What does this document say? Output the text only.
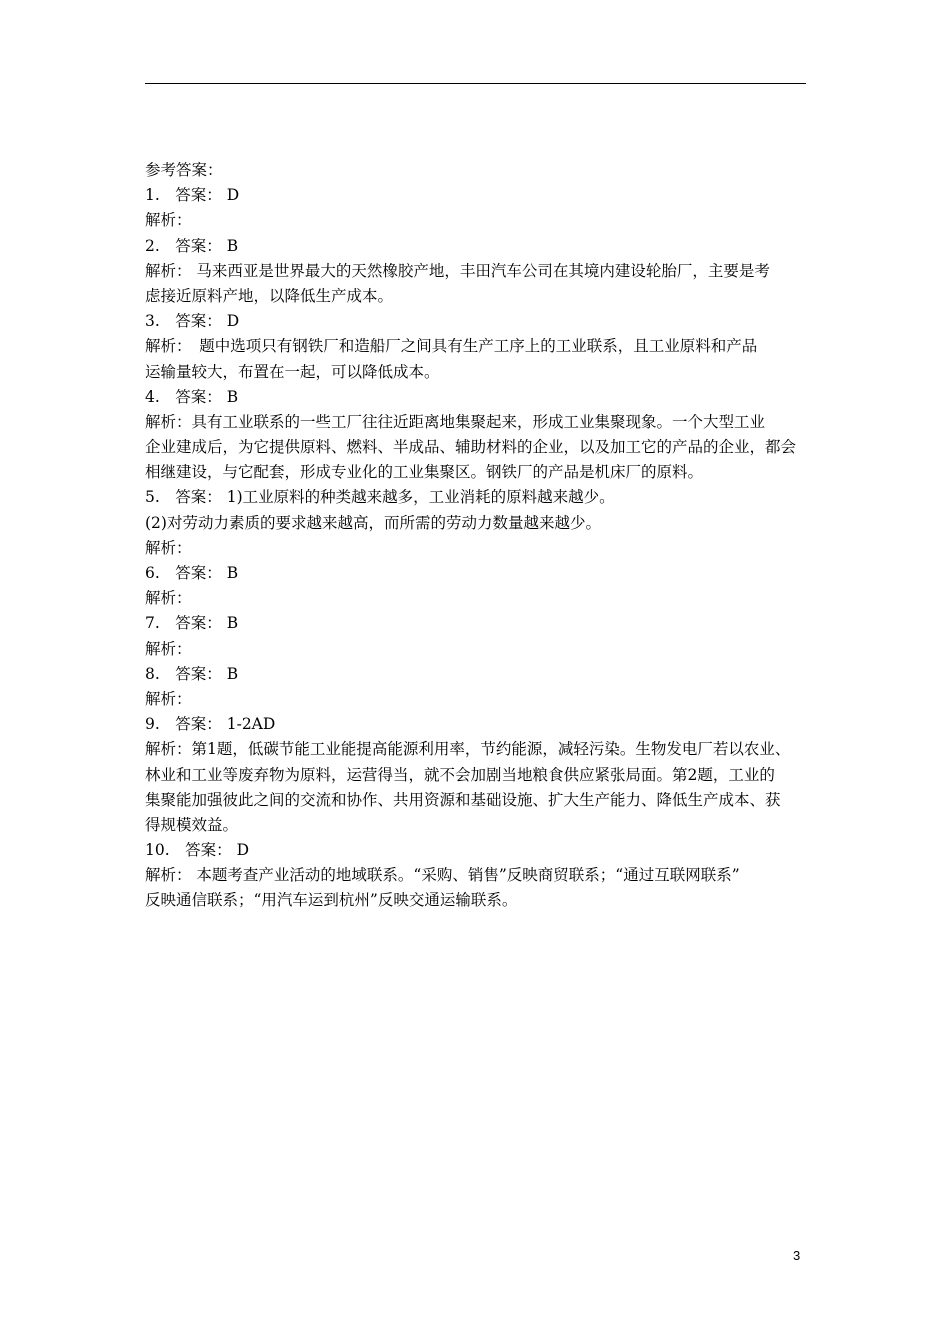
参考答案：
1.　答案： D
解析：
2.　答案： B
解析： 马来西亚是世界最大的天然橡胶产地，丰田汽车公司在其境内建设轮胎厂，主要是考
虑接近原料产地，以降低生产成本。
3.　答案： D
解析：　题中选项只有钢铁厂和造船厂之间具有生产工序上的工业联系，且工业原料和产品
运输量较大，布置在一起，可以降低成本。
4.　答案： B
解析：具有工业联系的一些工厂往往近距离地集聚起来，形成工业集聚现象。一个大型工业
企业建成后，为它提供原料、燃料、半成品、辅助材料的企业，以及加工它的产品的企业，都会
相继建设，与它配套，形成专业化的工业集聚区。钢铁厂的产品是机床厂的原料。
5.　答案： 1)工业原料的种类越来越多，工业消耗的原料越来越少。
(2)对劳动力素质的要求越来越高，而所需的劳动力数量越来越少。
解析：
6.　答案： B
解析：
7.　答案： B
解析：
8.　答案： B
解析：
9.　答案： 1-2AD
解析：第1题，低碳节能工业能提高能源利用率，节约能源，减轻污染。生物发电厂若以农业、
林业和工业等废弃物为原料，运营得当，就不会加剧当地粮食供应紧张局面。第2题，工业的
集聚能加强彼此之间的交流和协作、共用资源和基础设施、扩大生产能力、降低生产成本、获
得规模效益。
10.　答案： D
解析： 本题考查产业活动的地域联系。“采购、销售”反映商贸联系；“通过互联网联系”
反映通信联系；“用汽车运到杭州”反映交通运输联系。
3
